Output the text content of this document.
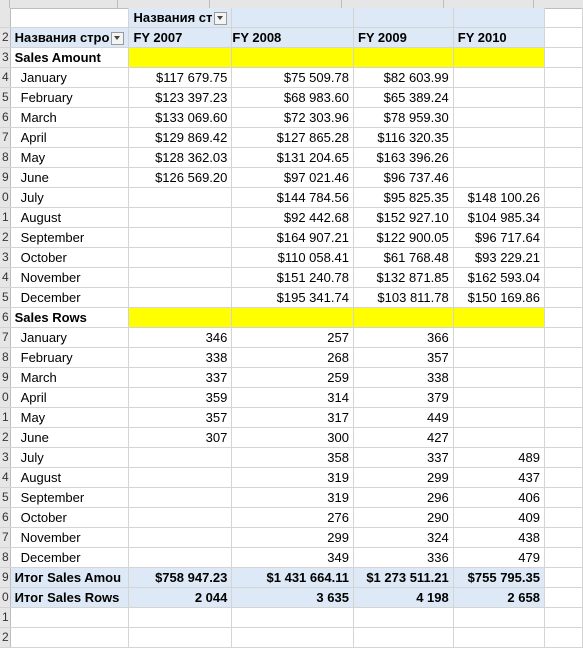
		Названия ст				
2	Названия стро	FY 2007	FY 2008	FY 2009	FY 2010	
3	Sales Amount					
4	January	$117 679.75	$75 509.78	$82 603.99		
5	February	$123 397.23	$68 983.60	$65 389.24		
6	March	$133 069.60	$72 303.96	$78 959.30		
7	April	$129 869.42	$127 865.28	$116 320.35		
8	May	$128 362.03	$131 204.65	$163 396.26		
9	June	$126 569.20	$97 021.46	$96 737.46		
0	July		$144 784.56	$95 825.35	$148 100.26	
1	August		$92 442.68	$152 927.10	$104 985.34	
2	September		$164 907.21	$122 900.05	$96 717.64	
3	October		$110 058.41	$61 768.48	$93 229.21	
4	November		$151 240.78	$132 871.85	$162 593.04	
5	December		$195 341.74	$103 811.78	$150 169.86	
6	Sales Rows					
7	January	346	257	366		
8	February	338	268	357		
9	March	337	259	338		
0	April	359	314	379		
1	May	357	317	449		
2	June	307	300	427		
3	July		358	337	489	
4	August		319	299	437	
5	September		319	296	406	
6	October		276	290	409	
7	November		299	324	438	
8	December		349	336	479	
9	Итог Sales Amou	$758 947.23	$1 431 664.11	$1 273 511.21	$755 795.35	
0	Итог Sales Rows	2 044	3 635	4 198	2 658	
1						
2						
